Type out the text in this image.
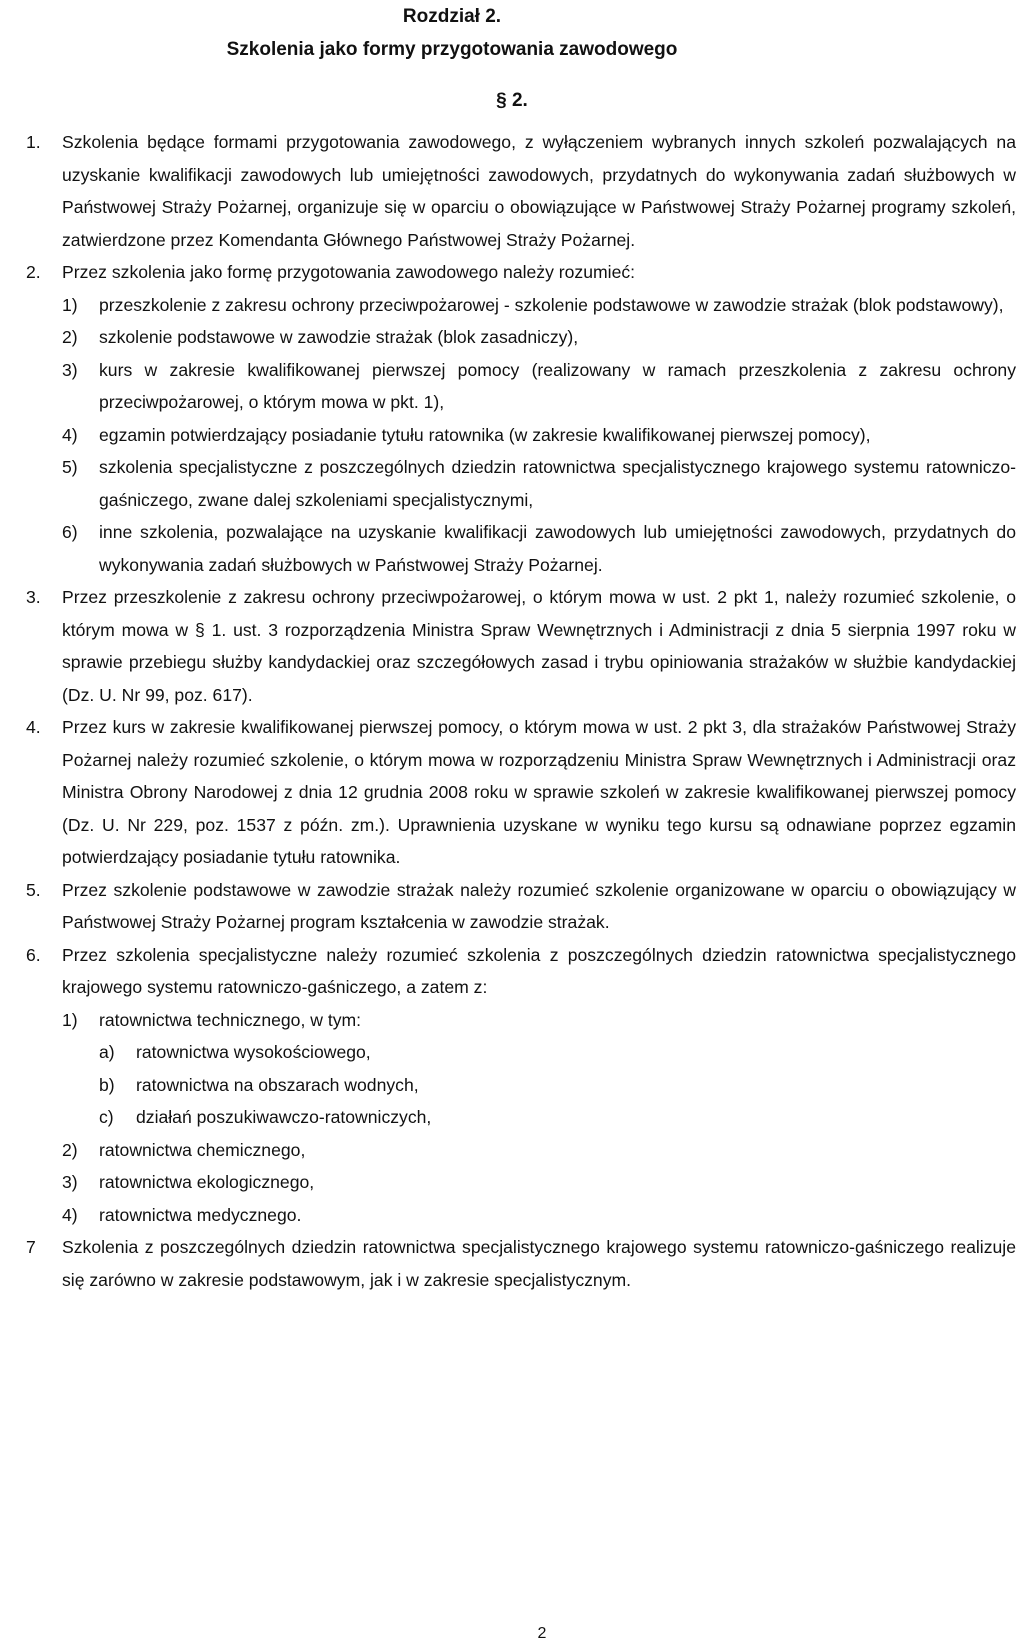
Rozdział 2.
Szkolenia jako formy przygotowania zawodowego
§ 2.
1.	Szkolenia będące formami przygotowania zawodowego, z wyłączeniem wybranych innych szkoleń pozwalających na uzyskanie kwalifikacji zawodowych lub umiejętności zawodowych, przydatnych do wykonywania zadań służbowych w Państwowej Straży Pożarnej, organizuje się w oparciu o obowiązujące w Państwowej Straży Pożarnej programy szkoleń, zatwierdzone przez Komendanta Głównego Państwowej Straży Pożarnej.
2.	Przez szkolenia jako formę przygotowania zawodowego należy rozumieć:
1)	przeszkolenie z zakresu ochrony przeciwpożarowej - szkolenie podstawowe w zawodzie strażak (blok podstawowy),
2)	szkolenie podstawowe w zawodzie strażak (blok zasadniczy),
3)	kurs w zakresie kwalifikowanej pierwszej pomocy (realizowany w ramach przeszkolenia z zakresu ochrony przeciwpożarowej, o którym mowa w pkt. 1),
4)	egzamin potwierdzający posiadanie tytułu ratownika (w zakresie kwalifikowanej pierwszej pomocy),
5)	szkolenia specjalistyczne z poszczególnych dziedzin ratownictwa specjalistycznego krajowego systemu ratowniczo-gaśniczego, zwane dalej szkoleniami specjalistycznymi,
6)	inne szkolenia, pozwalające na uzyskanie kwalifikacji zawodowych lub umiejętności zawodowych, przydatnych do wykonywania zadań służbowych w Państwowej Straży Pożarnej.
3.	Przez przeszkolenie z zakresu ochrony przeciwpożarowej, o którym mowa w ust. 2 pkt 1, należy rozumieć szkolenie, o którym mowa w § 1. ust. 3 rozporządzenia Ministra Spraw Wewnętrznych i Administracji z dnia 5 sierpnia 1997 roku w sprawie przebiegu służby kandydackiej oraz szczegółowych zasad i trybu opiniowania strażaków w służbie kandydackiej (Dz. U. Nr 99, poz. 617).
4.	Przez kurs w zakresie kwalifikowanej pierwszej pomocy, o którym mowa w ust. 2 pkt 3, dla strażaków Państwowej Straży Pożarnej należy rozumieć szkolenie, o którym mowa w rozporządzeniu Ministra Spraw Wewnętrznych i Administracji oraz Ministra Obrony Narodowej z dnia 12 grudnia 2008 roku w sprawie szkoleń w zakresie kwalifikowanej pierwszej pomocy (Dz. U. Nr 229, poz. 1537 z późn. zm.). Uprawnienia uzyskane w wyniku tego kursu są odnawiane poprzez egzamin potwierdzający posiadanie tytułu ratownika.
5.	Przez szkolenie podstawowe w zawodzie strażak należy rozumieć szkolenie organizowane w oparciu o obowiązujący w Państwowej Straży Pożarnej program kształcenia w zawodzie strażak.
6.	Przez szkolenia specjalistyczne należy rozumieć szkolenia z poszczególnych dziedzin ratownictwa specjalistycznego krajowego systemu ratowniczo-gaśniczego, a zatem z:
1)	ratownictwa technicznego, w tym:
a)	ratownictwa wysokościowego,
b)	ratownictwa na obszarach wodnych,
c)	działań poszukiwawczo-ratowniczych,
2)	ratownictwa chemicznego,
3)	ratownictwa ekologicznego,
4)	ratownictwa medycznego.
7	Szkolenia z poszczególnych dziedzin ratownictwa specjalistycznego krajowego systemu ratowniczo-gaśniczego realizuje się zarówno w zakresie podstawowym, jak i w zakresie specjalistycznym.
2
